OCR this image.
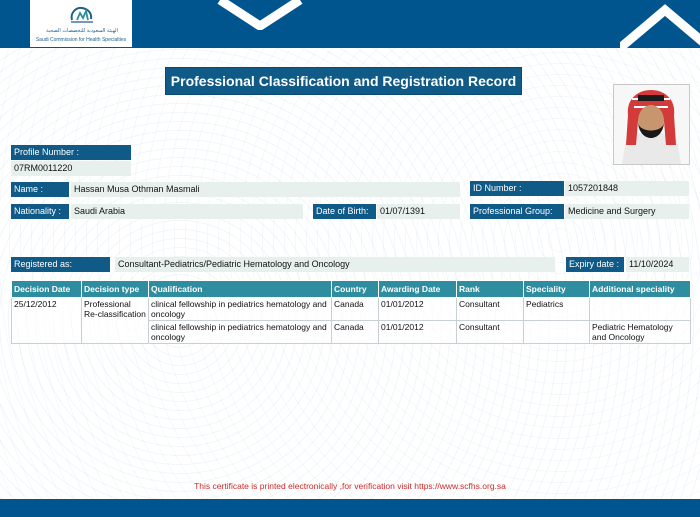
الهيئة السعودية للتخصصات الصحية
Saudi Commission for Health Specialties
Professional Classification and Registration Record
Profile Number :
07RM0011220
Name :	Hassan Musa Othman Masmali	ID Number :	1057201848
Nationality :	Saudi Arabia	Date of Birth:	01/07/1391	Professional Group:	Medicine and Surgery
Registered as:	Consultant-Pediatrics/Pediatric Hematology and Oncology	Expiry date :	11/10/2024
Decision Date	Decision type	Qualification	Country	Awarding Date	Rank	Speciality	Additional speciality
25/12/2012	Professional Re-classification	clinical fellowship in pediatrics hematology and oncology	Canada	01/01/2012	Consultant	Pediatrics	
		clinical fellowship in pediatrics hematology and oncology	Canada	01/01/2012	Consultant		Pediatric Hematology and Oncology
This certificate is printed electronically ,for verification visit https://www.scfhs.org.sa
